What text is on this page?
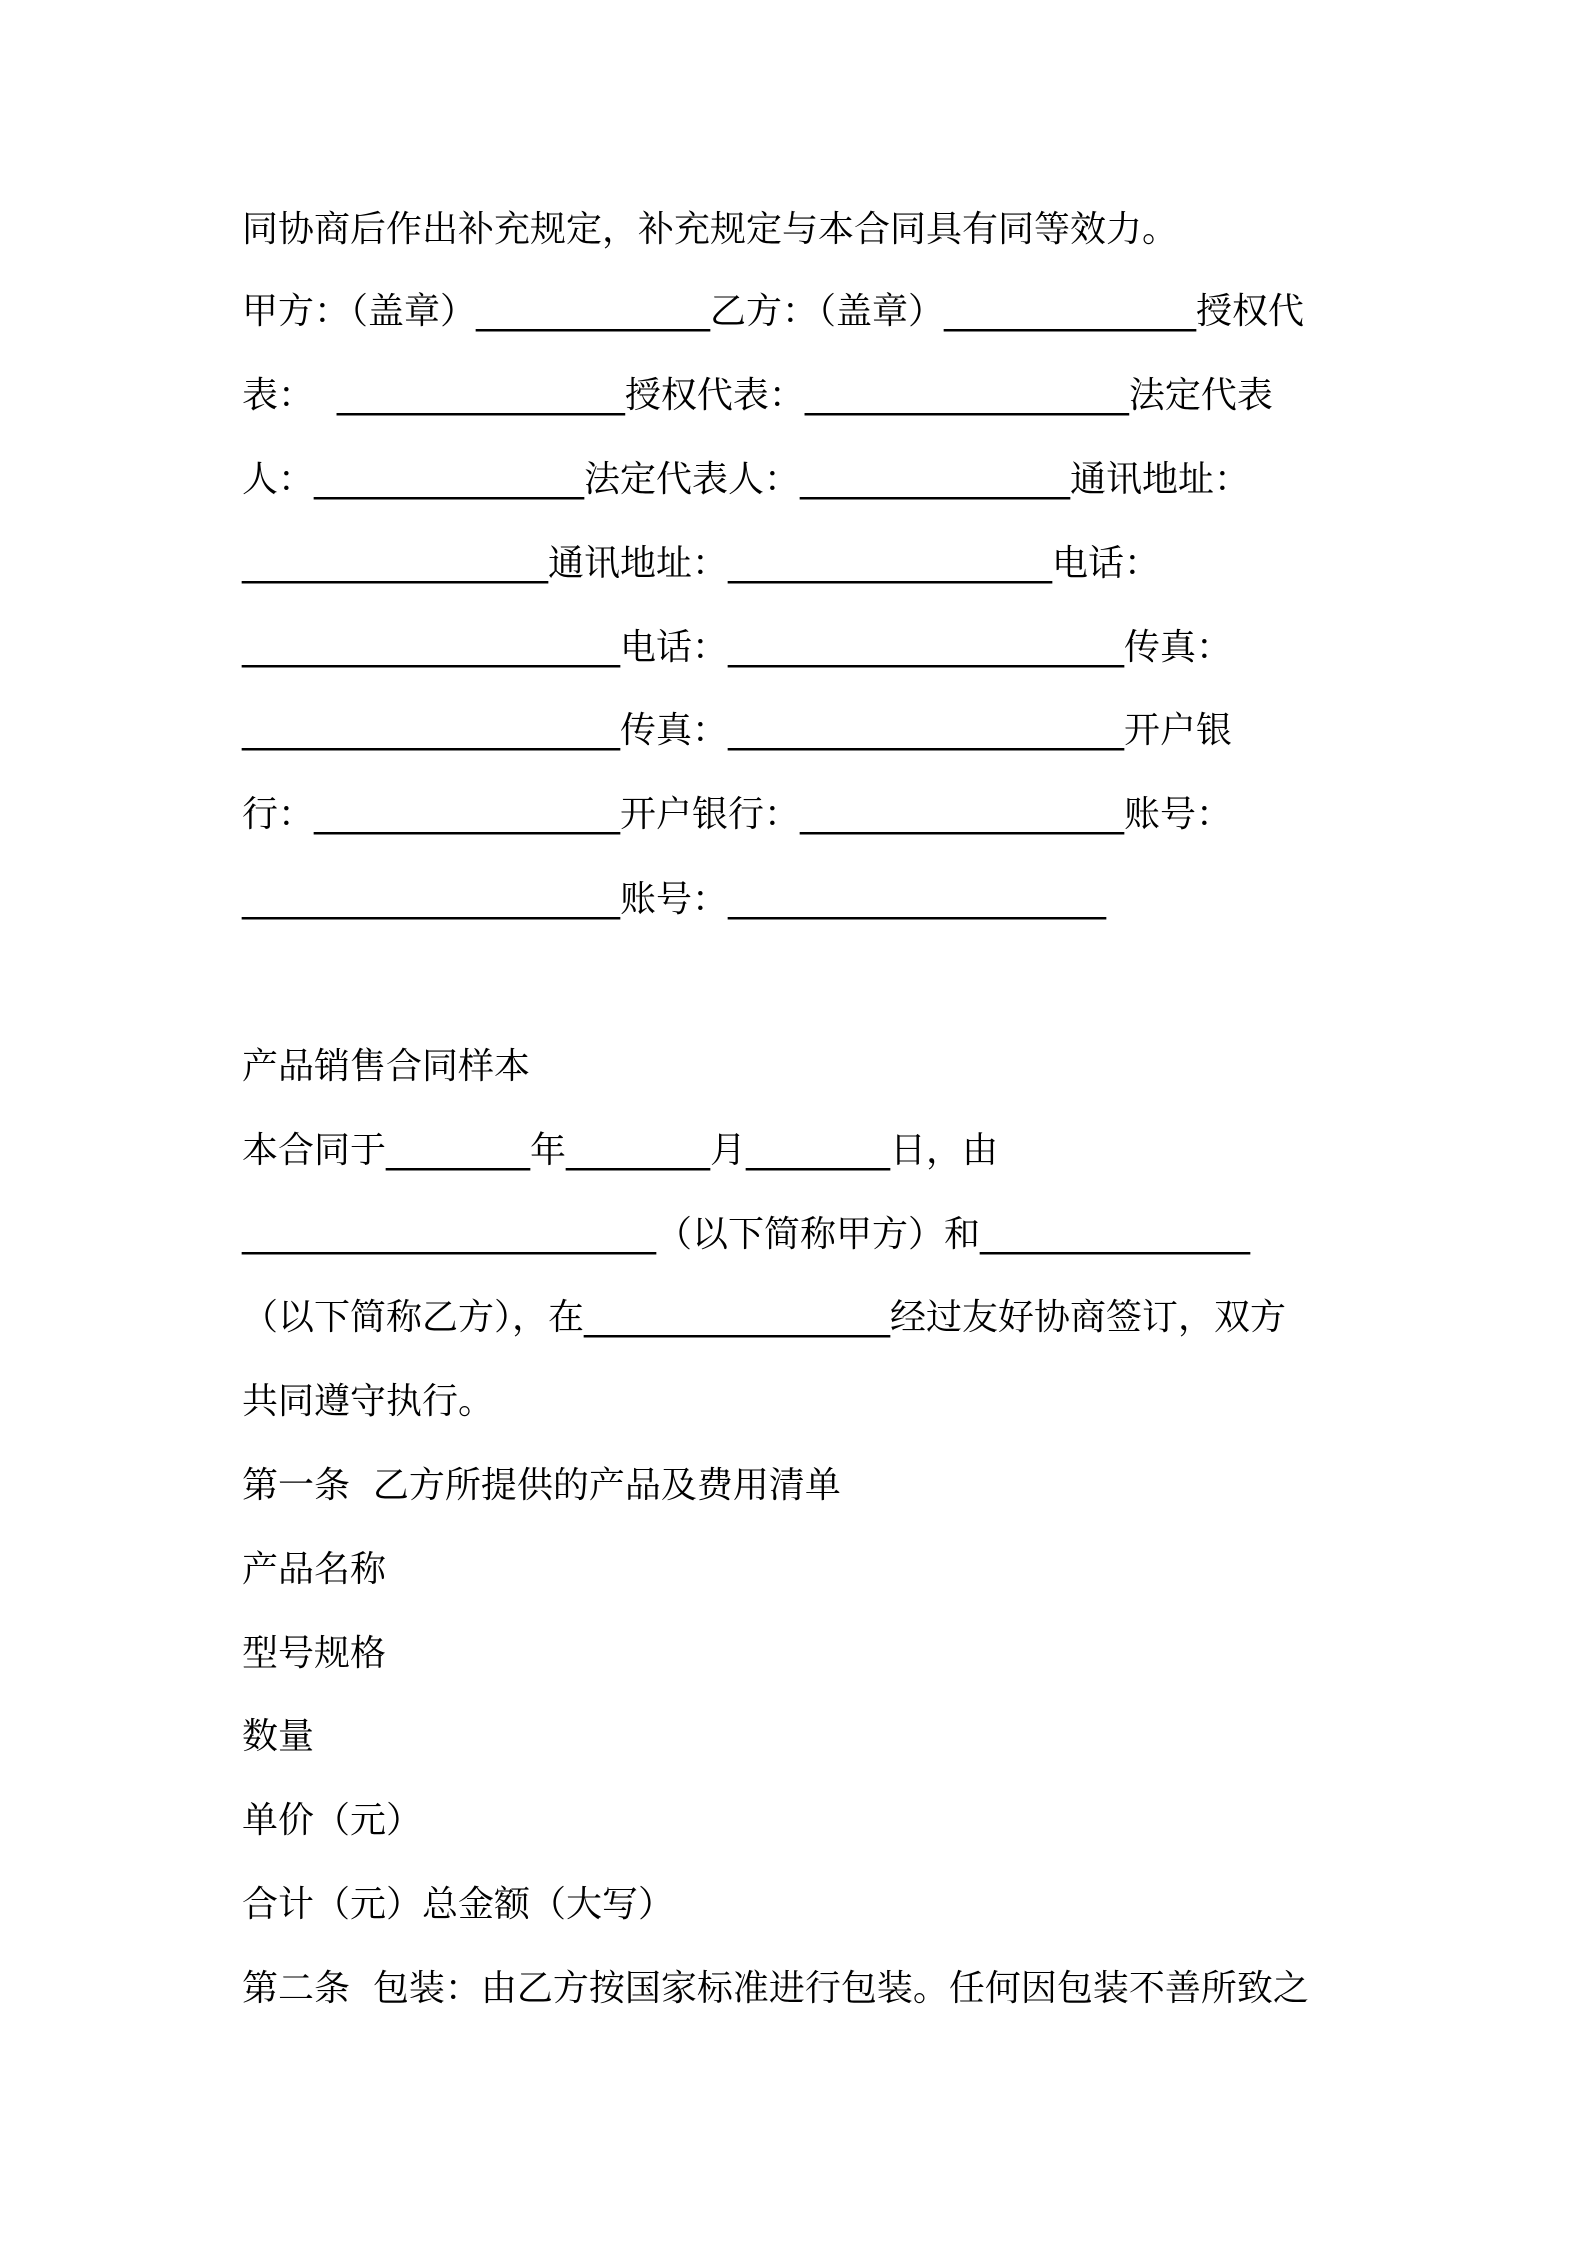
同协商后作出补充规定，补充规定与本合同具有同等效力。

甲方：（盖章）_____________乙方：（盖章）______________授权代

表：  ________________授权代表：__________________法定代表

人：_______________法定代表人：_______________通讯地址：

_________________通讯地址：__________________电话：

_____________________电话：______________________传真：

_____________________传真：______________________开户银

行：_________________开户银行：__________________账号：

_____________________账号：_____________________

产品销售合同样本

本合同于________年________月________日，由

_______________________（以下简称甲方）和_______________

（以下简称乙方），在_________________经过友好协商签订，双方

共同遵守执行。

第一条  乙方所提供的产品及费用清单

产品名称

型号规格

数量

单价（元）

合计（元）总金额（大写）

第二条  包装：由乙方按国家标准进行包装。任何因包装不善所致之
